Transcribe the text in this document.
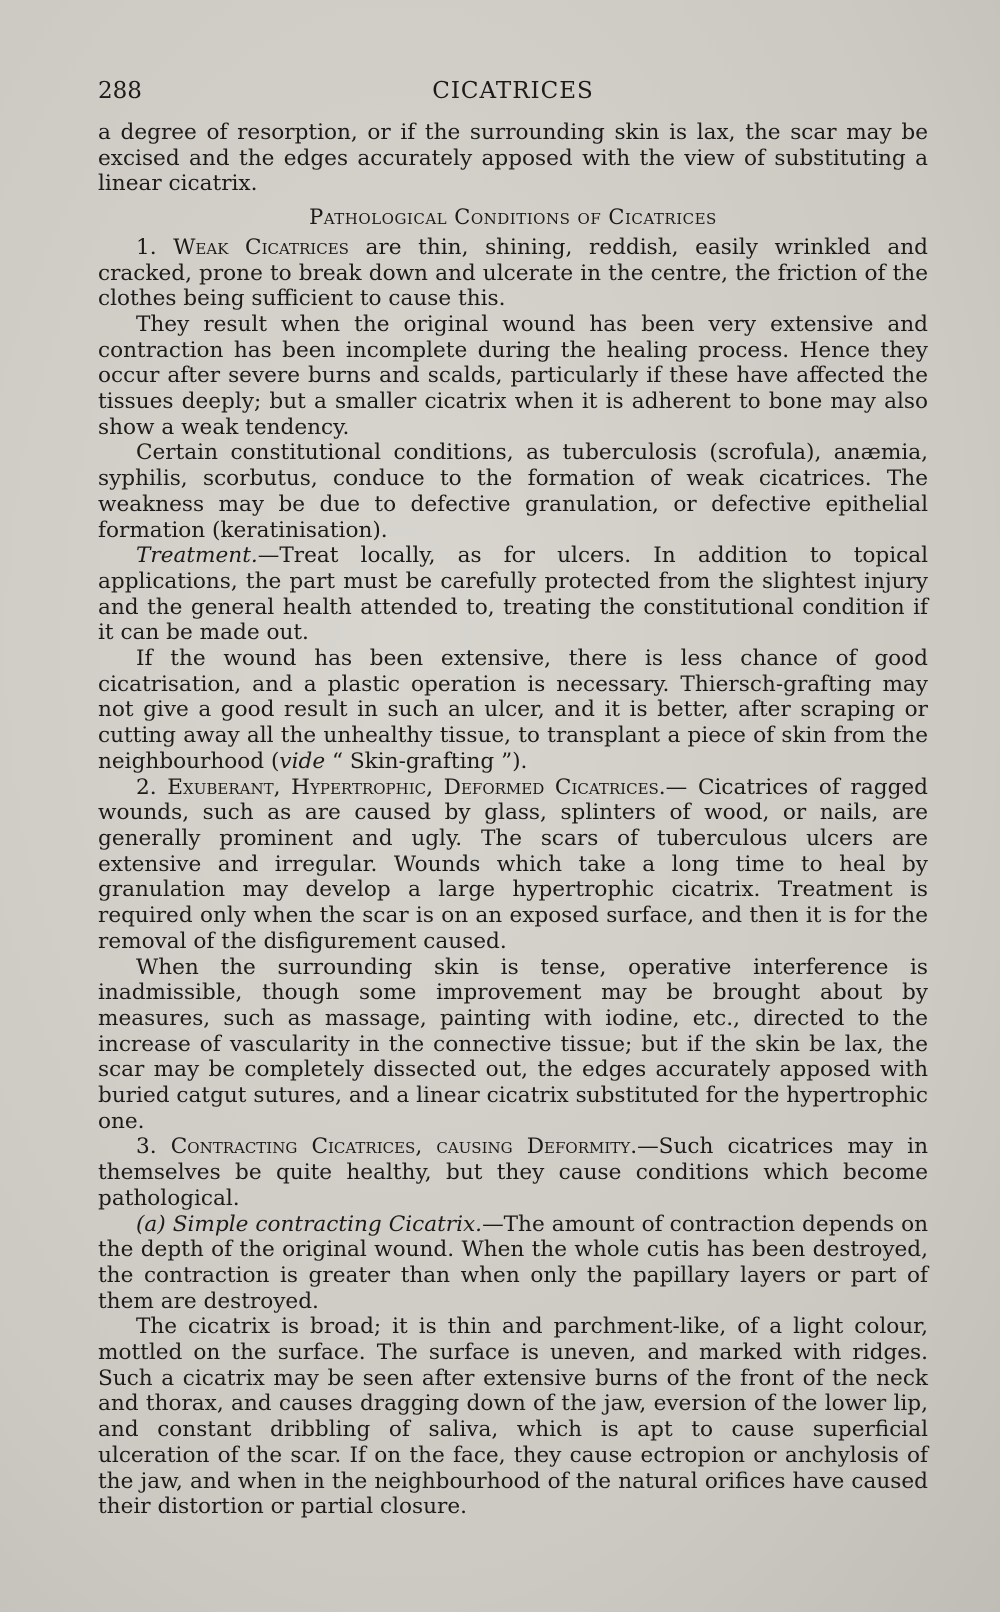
288	CICATRICES

a degree of resorption, or if the surrounding skin is lax, the scar may be excised and the edges accurately apposed with the view of substituting a linear cicatrix.

Pathological Conditions of Cicatrices

1. Weak Cicatrices are thin, shining, reddish, easily wrinkled and cracked, prone to break down and ulcerate in the centre, the friction of the clothes being sufficient to cause this.

They result when the original wound has been very extensive and contraction has been incomplete during the healing process. Hence they occur after severe burns and scalds, particularly if these have affected the tissues deeply; but a smaller cicatrix when it is adherent to bone may also show a weak tendency.

Certain constitutional conditions, as tuberculosis (scrofula), anæmia, syphilis, scorbutus, conduce to the formation of weak cicatrices. The weakness may be due to defective granulation, or defective epithelial formation (keratinisation).

Treatment.—Treat locally, as for ulcers. In addition to topical applications, the part must be carefully protected from the slightest injury and the general health attended to, treating the constitutional condition if it can be made out.

If the wound has been extensive, there is less chance of good cicatrisation, and a plastic operation is necessary. Thiersch-grafting may not give a good result in such an ulcer, and it is better, after scraping or cutting away all the unhealthy tissue, to transplant a piece of skin from the neighbourhood (vide “ Skin-grafting ”).

2. Exuberant, Hypertrophic, Deformed Cicatrices.— Cicatrices of ragged wounds, such as are caused by glass, splinters of wood, or nails, are generally prominent and ugly. The scars of tuberculous ulcers are extensive and irregular. Wounds which take a long time to heal by granulation may develop a large hypertrophic cicatrix. Treatment is required only when the scar is on an exposed surface, and then it is for the removal of the disfigurement caused.

When the surrounding skin is tense, operative interference is inadmissible, though some improvement may be brought about by measures, such as massage, painting with iodine, etc., directed to the increase of vascularity in the connective tissue; but if the skin be lax, the scar may be completely dissected out, the edges accurately apposed with buried catgut sutures, and a linear cicatrix substituted for the hypertrophic one.

3. Contracting Cicatrices, causing Deformity.—Such cicatrices may in themselves be quite healthy, but they cause conditions which become pathological.

(a) Simple contracting Cicatrix.—The amount of contraction depends on the depth of the original wound. When the whole cutis has been destroyed, the contraction is greater than when only the papillary layers or part of them are destroyed.

The cicatrix is broad; it is thin and parchment-like, of a light colour, mottled on the surface. The surface is uneven, and marked with ridges. Such a cicatrix may be seen after extensive burns of the front of the neck and thorax, and causes dragging down of the jaw, eversion of the lower lip, and constant dribbling of saliva, which is apt to cause superficial ulceration of the scar. If on the face, they cause ectropion or anchylosis of the jaw, and when in the neighbourhood of the natural orifices have caused their distortion or partial closure.
